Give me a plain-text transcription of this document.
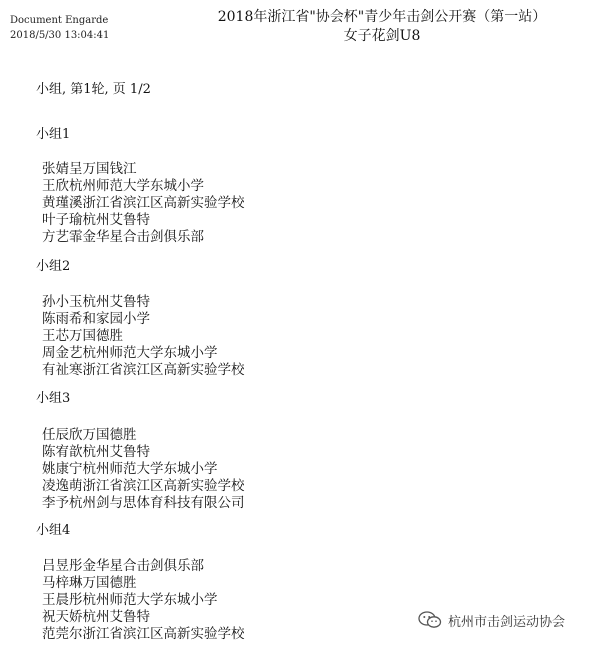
Document Engarde
2018/5/30 13:04:41
2018年浙江省"协会杯"青少年击剑公开赛（第一站）
女子花剑U8
小组, 第1轮, 页 1/2
小组1
张婧呈万国钱江
王欣杭州师范大学东城小学
黄瑾溪浙江省滨江区高新实验学校
叶子瑜杭州艾鲁特
方艺霏金华星合击剑俱乐部
小组2
孙小玉杭州艾鲁特
陈雨希和家园小学
王芯万国德胜
周金艺杭州师范大学东城小学
有祉寒浙江省滨江区高新实验学校
小组3
任辰欣万国德胜
陈宥歆杭州艾鲁特
姚康宁杭州师范大学东城小学
凌逸萌浙江省滨江区高新实验学校
李予杭州剑与思体育科技有限公司
小组4
吕昱彤金华星合击剑俱乐部
马梓琳万国德胜
王晨彤杭州师范大学东城小学
祝天娇杭州艾鲁特
范莞尔浙江省滨江区高新实验学校
杭州市击剑运动协会
